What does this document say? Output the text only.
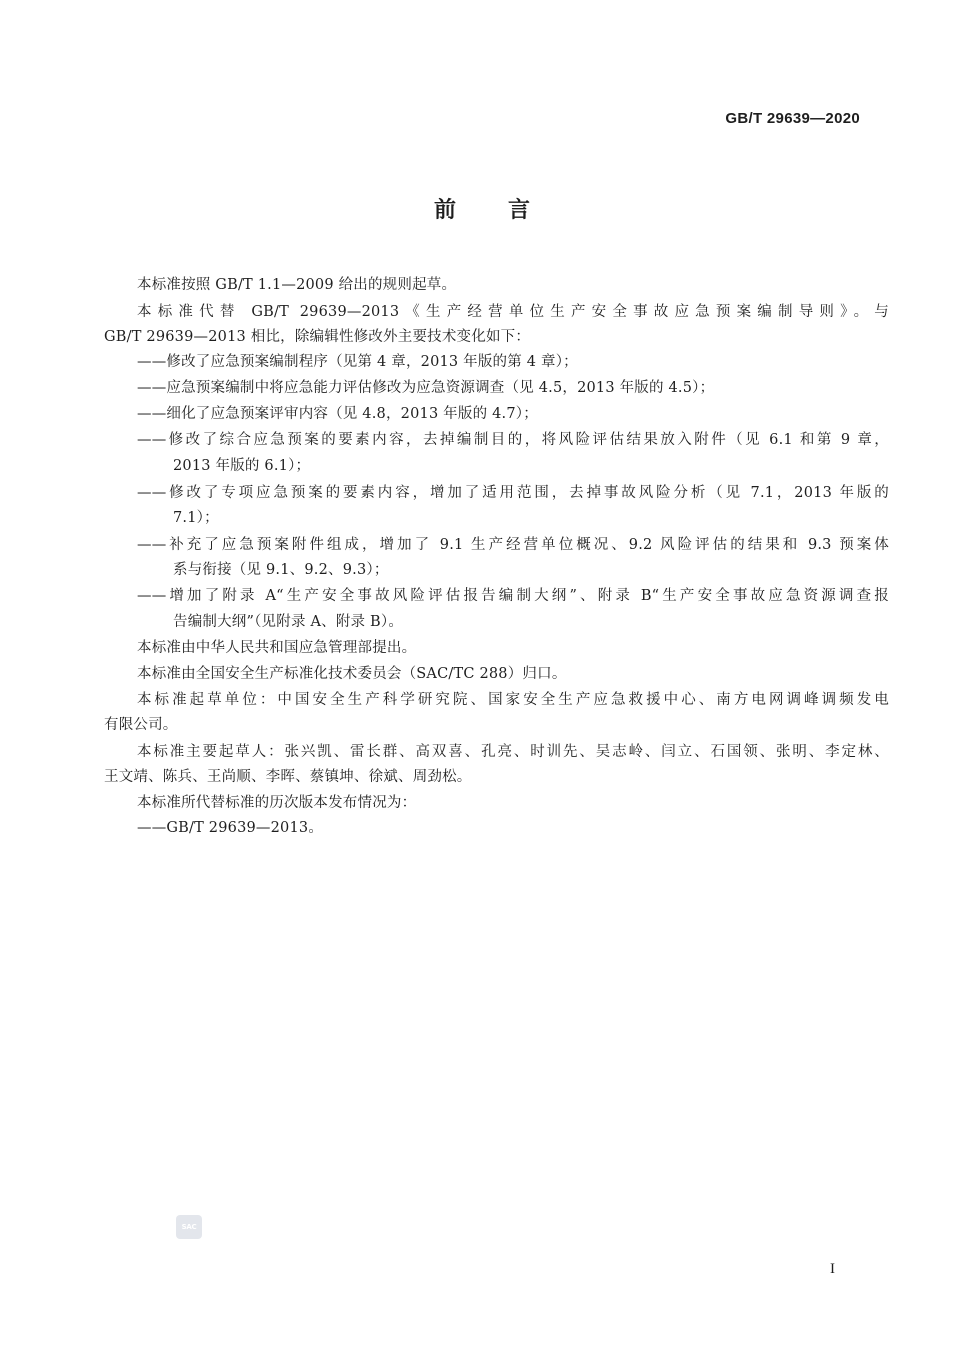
GB/T 29639—2020
前言
本标准按照 GB/T 1.1—2009 给出的规则起草。
本标准代替 GB/T 29639—2013《生产经营单位生产安全事故应急预案编制导则》。与
GB/T 29639—2013 相比，除编辑性修改外主要技术变化如下：
——修改了应急预案编制程序（见第 4 章，2013 年版的第 4 章）；
——应急预案编制中将应急能力评估修改为应急资源调查（见 4.5，2013 年版的 4.5）；
——细化了应急预案评审内容（见 4.8，2013 年版的 4.7）；
——修改了综合应急预案的要素内容，去掉编制目的，将风险评估结果放入附件（见 6.1 和第 9 章，
2013 年版的 6.1）；
——修改了专项应急预案的要素内容，增加了适用范围，去掉事故风险分析（见 7.1，2013 年版的
7.1）；
——补充了应急预案附件组成，增加了 9.1 生产经营单位概况、9.2 风险评估的结果和 9.3 预案体
系与衔接（见 9.1、9.2、9.3）；
——增加了附录 A“生产安全事故风险评估报告编制大纲”、附录 B“生产安全事故应急资源调查报
告编制大纲”（见附录 A、附录 B）。
本标准由中华人民共和国应急管理部提出。
本标准由全国安全生产标准化技术委员会（SAC/TC 288）归口。
本标准起草单位：中国安全生产科学研究院、国家安全生产应急救援中心、南方电网调峰调频发电
有限公司。
本标准主要起草人：张兴凯、雷长群、高双喜、孔亮、时训先、吴志岭、闫立、石国领、张明、李定林、
王文靖、陈兵、王尚顺、李晖、蔡镇坤、徐斌、周劲松。
本标准所代替标准的历次版本发布情况为：
——GB/T 29639—2013。
SAC
I
